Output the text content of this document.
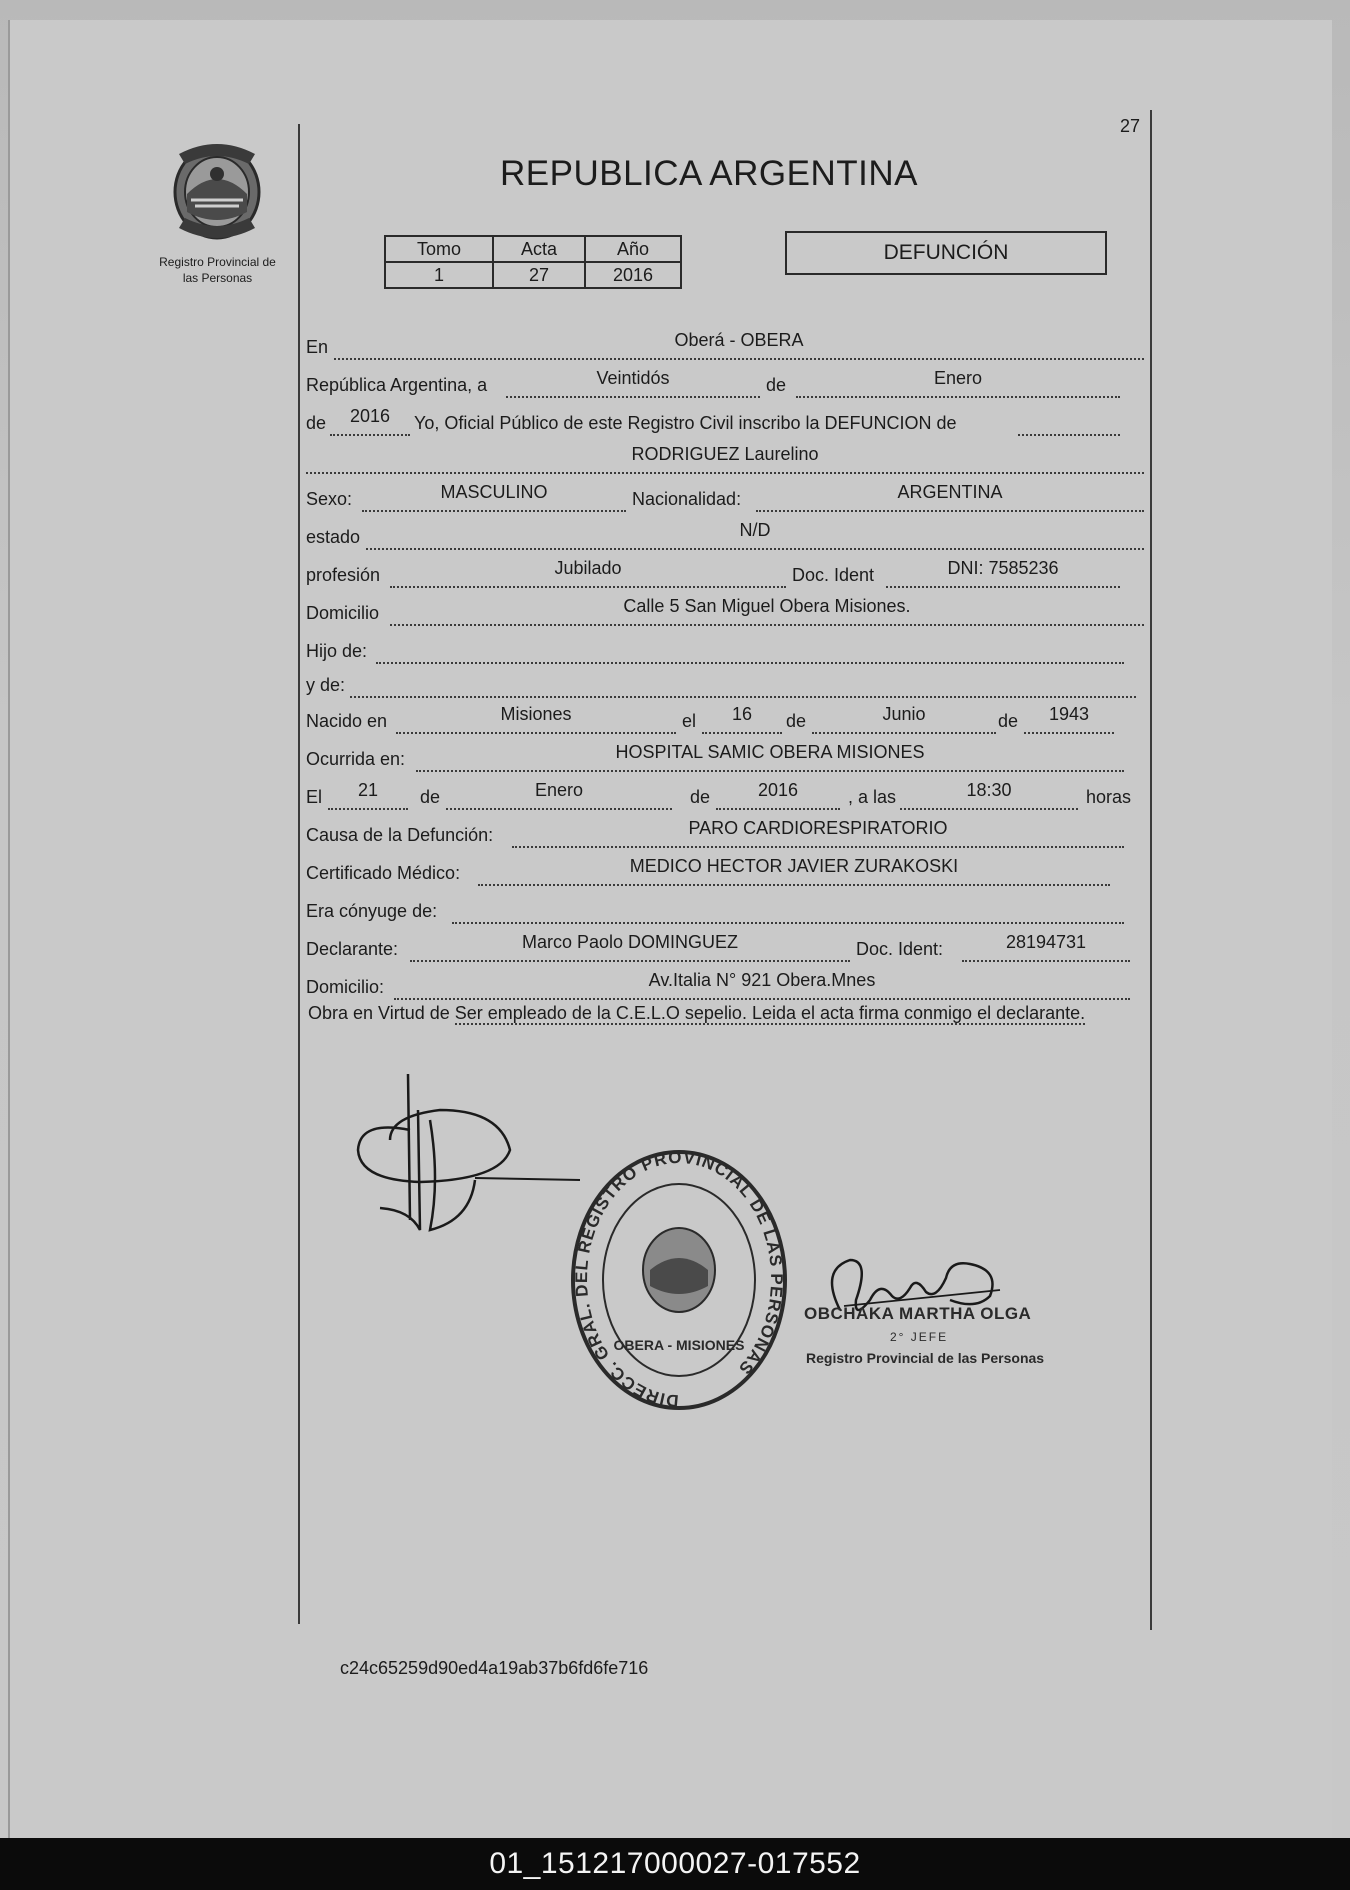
27
Registro Provincial de
las Personas
REPUBLICA ARGENTINA
Tomo	Acta	Año
1	27	2016
DEFUNCIÓN
En	Oberá - OBERA
República Argentina, a	Veintidós	de	Enero
de	2016	Yo, Oficial Público de este Registro Civil inscribo la DEFUNCION de
RODRIGUEZ Laurelino
Sexo:	MASCULINO	Nacionalidad:	ARGENTINA
estado	N/D
profesión	Jubilado	Doc. Ident	DNI: 7585236
Domicilio	Calle 5 San Miguel Obera Misiones.
Hijo de:
y de:
Nacido en	Misiones	el	16	de	Junio	de	1943
Ocurrida en:	HOSPITAL SAMIC OBERA MISIONES
El	21	de	Enero	de	2016	, a las	18:30	horas
Causa de la Defunción:	PARO CARDIORESPIRATORIO
Certificado Médico:	MEDICO HECTOR JAVIER ZURAKOSKI
Era cónyuge de:
Declarante:	Marco Paolo DOMINGUEZ	Doc. Ident:	28194731
Domicilio:	Av.Italia N° 921 Obera.Mnes
Obra en Virtud de Ser empleado de la C.E.L.O sepelio. Leida el acta firma conmigo el declarante.
DIRECC. GRAL. DEL REGISTRO PROVINCIAL DE LAS PERSONAS
OBERA - MISIONES
OBCHAKA MARTHA OLGA
2° JEFE
Registro Provincial de las Personas
c24c65259d90ed4a19ab37b6fd6fe716
01_151217000027-017552
